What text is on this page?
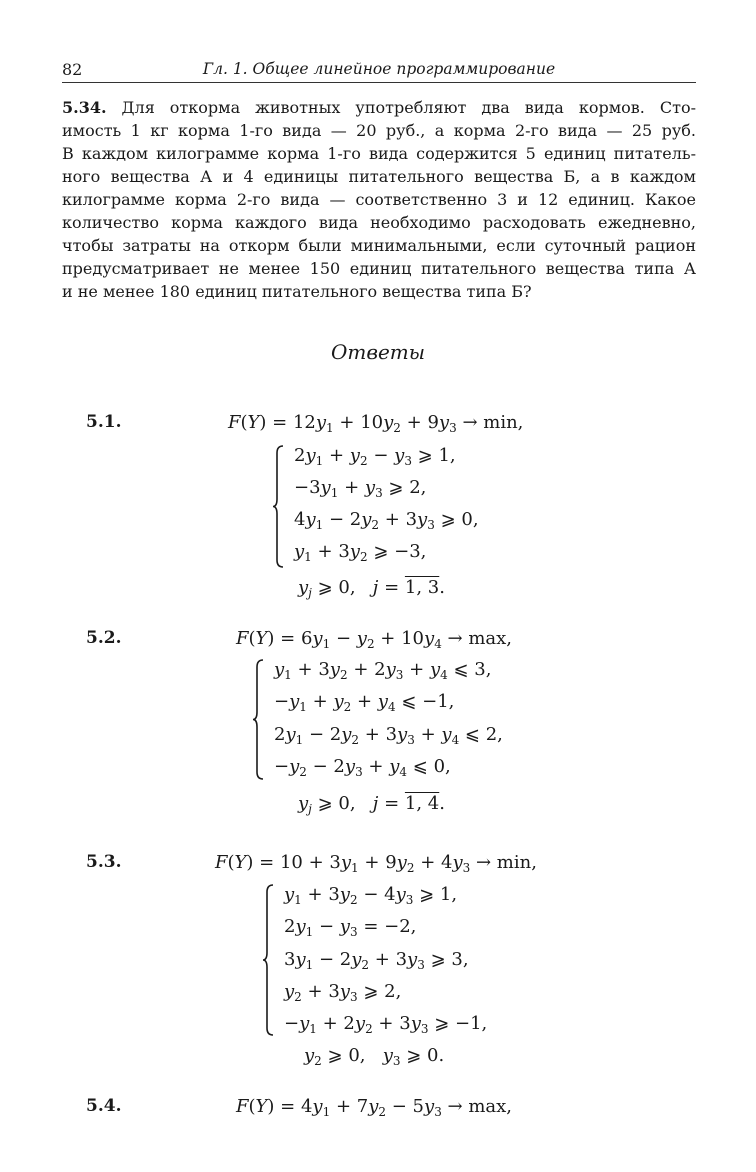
82	Гл. 1. Общее линейное программирование
5.34. Для откорма животных употребляют два вида кормов. Сто-
имость 1 кг корма 1-го вида — 20 руб., а корма 2-го вида — 25 руб.
В каждом килограмме корма 1-го вида содержится 5 единиц питатель-
ного вещества А и 4 единицы питательного вещества Б, а в каждом
килограмме корма 2-го вида — соответственно 3 и 12 единиц. Какое
количество корма каждого вида необходимо расходовать ежедневно,
чтобы затраты на откорм были минимальными, если суточный рацион
предусматривает не менее 150 единиц питательного вещества типа А
и не менее 180 единиц питательного вещества типа Б?
Ответы
5.1.	$F(Y) = 12y_1 + 10y_2 + 9y_3 \to \min$,
$2y_1 + y_2 - y_3$ ⩾ 1,
$-3y_1 + y_3$ ⩾ 2,
$4y_1 - 2y_2 + 3y_3$ ⩾ 0,
$y_1 + 3y_2$ ⩾ −3,
$y_j$ ⩾ 0,   j = 1, 3.
5.2.	$F(Y) = 6y_1 - y_2 + 10y_4 \to \max$,
$y_1 + 3y_2 + 2y_3 + y_4$ ⩽ 3,
$-y_1 + y_2 + y_4$ ⩽ −1,
$2y_1 - 2y_2 + 3y_3 + y_4$ ⩽ 2,
$-y_2 - 2y_3 + y_4$ ⩽ 0,
$y_j$ ⩾ 0,   j = 1, 4.
5.3.	$F(Y) = 10 + 3y_1 + 9y_2 + 4y_3 \to \min$,
$y_1 + 3y_2 - 4y_3$ ⩾ 1,
$2y_1 - y_3 = -2$,
$3y_1 - 2y_2 + 3y_3$ ⩾ 3,
$y_2 + 3y_3$ ⩾ 2,
$-y_1 + 2y_2 + 3y_3$ ⩾ −1,
$y_2$ ⩾ 0,   $y_3$ ⩾ 0.
5.4.	$F(Y) = 4y_1 + 7y_2 - 5y_3 \to \max$,
